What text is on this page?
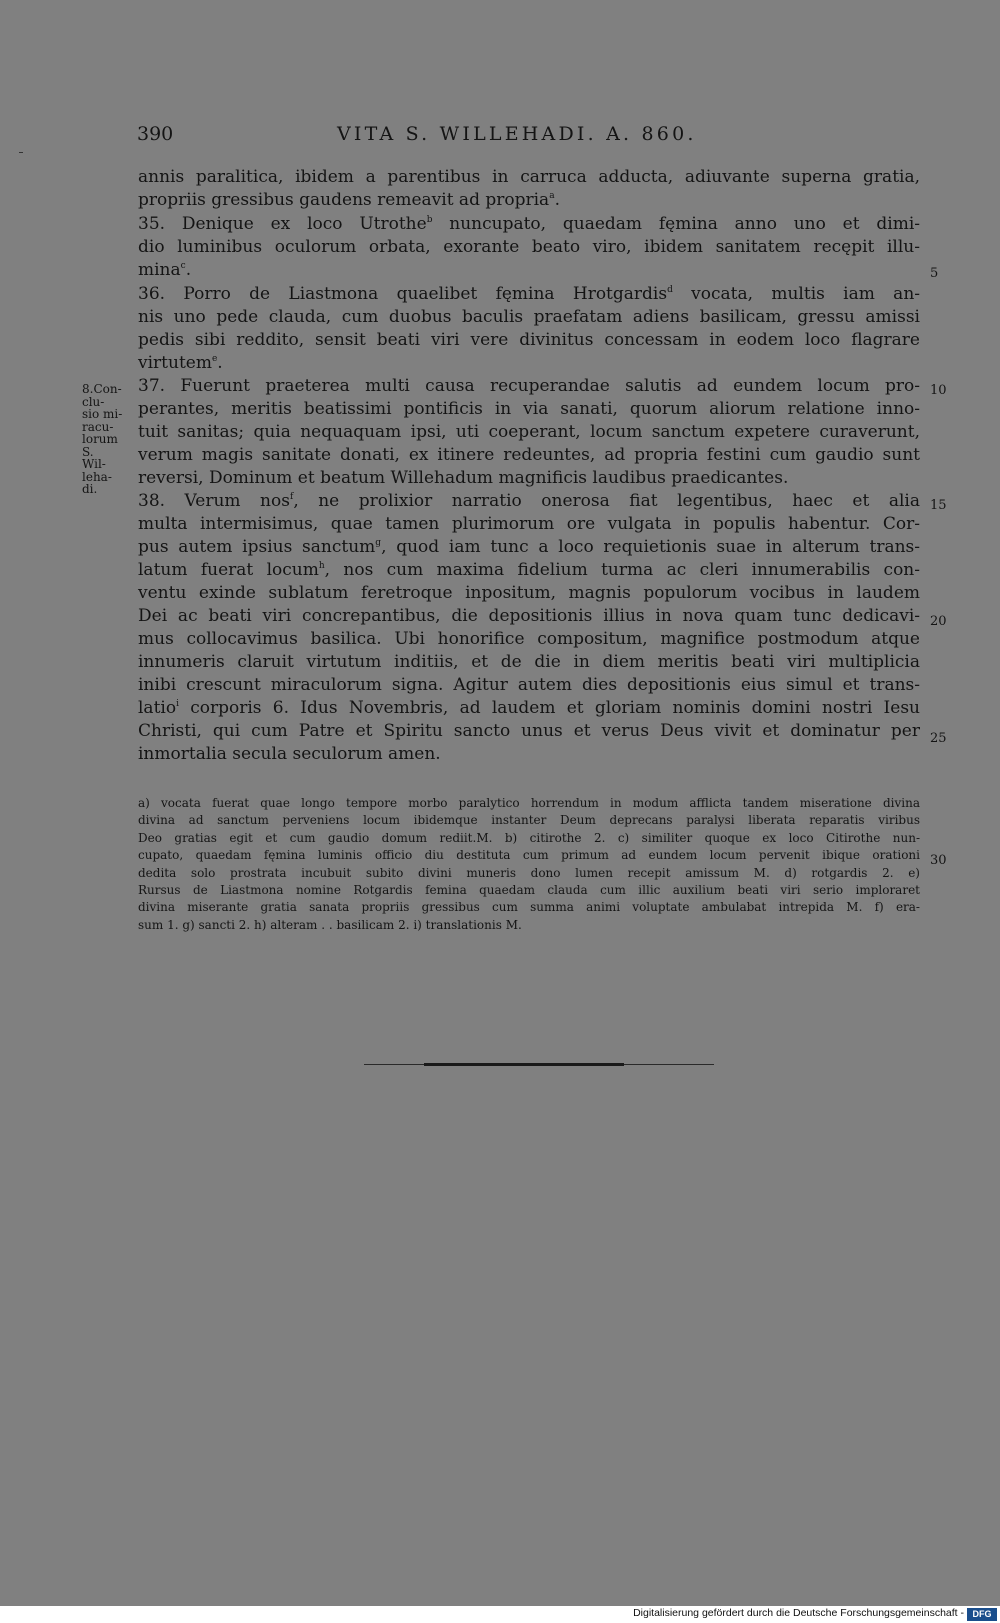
390	VITA S. WILLEHADI. A. 860.
annis paralitica, ibidem a parentibus in carruca adducta, adiuvante superna gratia,
propriis gressibus gaudens remeavit ad propria$^a$.
35. Denique ex loco Utrothe$^b$ nuncupato, quaedam fęmina anno uno et dimi-
dio luminibus oculorum orbata, exorante beato viro, ibidem sanitatem recępit illu-
mina$^c$.
36. Porro de Liastmona quaelibet fęmina Hrotgardis$^d$ vocata, multis iam an-
nis uno pede clauda, cum duobus baculis praefatam adiens basilicam, gressu amissi
pedis sibi reddito, sensit beati viri vere divinitus concessam in eodem loco flagrare
virtutem$^e$.
37. Fuerunt praeterea multi causa recuperandae salutis ad eundem locum pro-
perantes, meritis beatissimi pontificis in via sanati, quorum aliorum relatione inno-
tuit sanitas; quia nequaquam ipsi, uti coeperant, locum sanctum expetere curaverunt,
verum magis sanitate donati, ex itinere redeuntes, ad propria festini cum gaudio sunt
reversi, Dominum et beatum Willehadum magnificis laudibus praedicantes.
38. Verum nos$^f$, ne prolixior narratio onerosa fiat legentibus, haec et alia
multa intermisimus, quae tamen plurimorum ore vulgata in populis habentur. Cor-
pus autem ipsius sanctum$^g$, quod iam tunc a loco requietionis suae in alterum trans-
latum fuerat locum$^h$, nos cum maxima fidelium turma ac cleri innumerabilis con-
ventu exinde sublatum feretroque inpositum, magnis populorum vocibus in laudem
Dei ac beati viri concrepantibus, die depositionis illius in nova quam tunc dedicavi-
mus collocavimus basilica. Ubi honorifice compositum, magnifice postmodum atque
innumeris claruit virtutum inditiis, et de die in diem meritis beati viri multiplicia
inibi crescunt miraculorum signa. Agitur autem dies depositionis eius simul et trans-
latio$^i$ corporis 6. Idus Novembris, ad laudem et gloriam nominis domini nostri Iesu
Christi, qui cum Patre et Spiritu sancto unus et verus Deus vivit et dominatur per
inmortalia secula seculorum amen.
5
10
15
20
25
30
8.Con-
clu-
sio mi-
racu-
lorum
S.
Wil-
leha-
di.
a) vocata fuerat quae longo tempore morbo paralytico horrendum in modum afflicta tandem miseratione divina
divina ad sanctum perveniens locum ibidemque instanter Deum deprecans paralysi liberata reparatis viribus
Deo gratias egit et cum gaudio domum rediit.M. b) citirothe 2. c) similiter quoque ex loco Citirothe nun-
cupato, quaedam fęmina luminis officio diu destituta cum primum ad eundem locum pervenit ibique orationi
dedita solo prostrata incubuit subito divini muneris dono lumen recepit amissum M. d) rotgardis 2. e)
Rursus de Liastmona nomine Rotgardis femina quaedam clauda cum illic auxilium beati viri serio imploraret
divina miserante gratia sanata propriis gressibus cum summa animi voluptate ambulabat intrepida M. f) era-
sum 1. g) sancti 2. h) alteram . . basilicam 2. i) translationis M.
Digitalisierung gefördert durch die Deutsche Forschungsgemeinschaft - DFG
